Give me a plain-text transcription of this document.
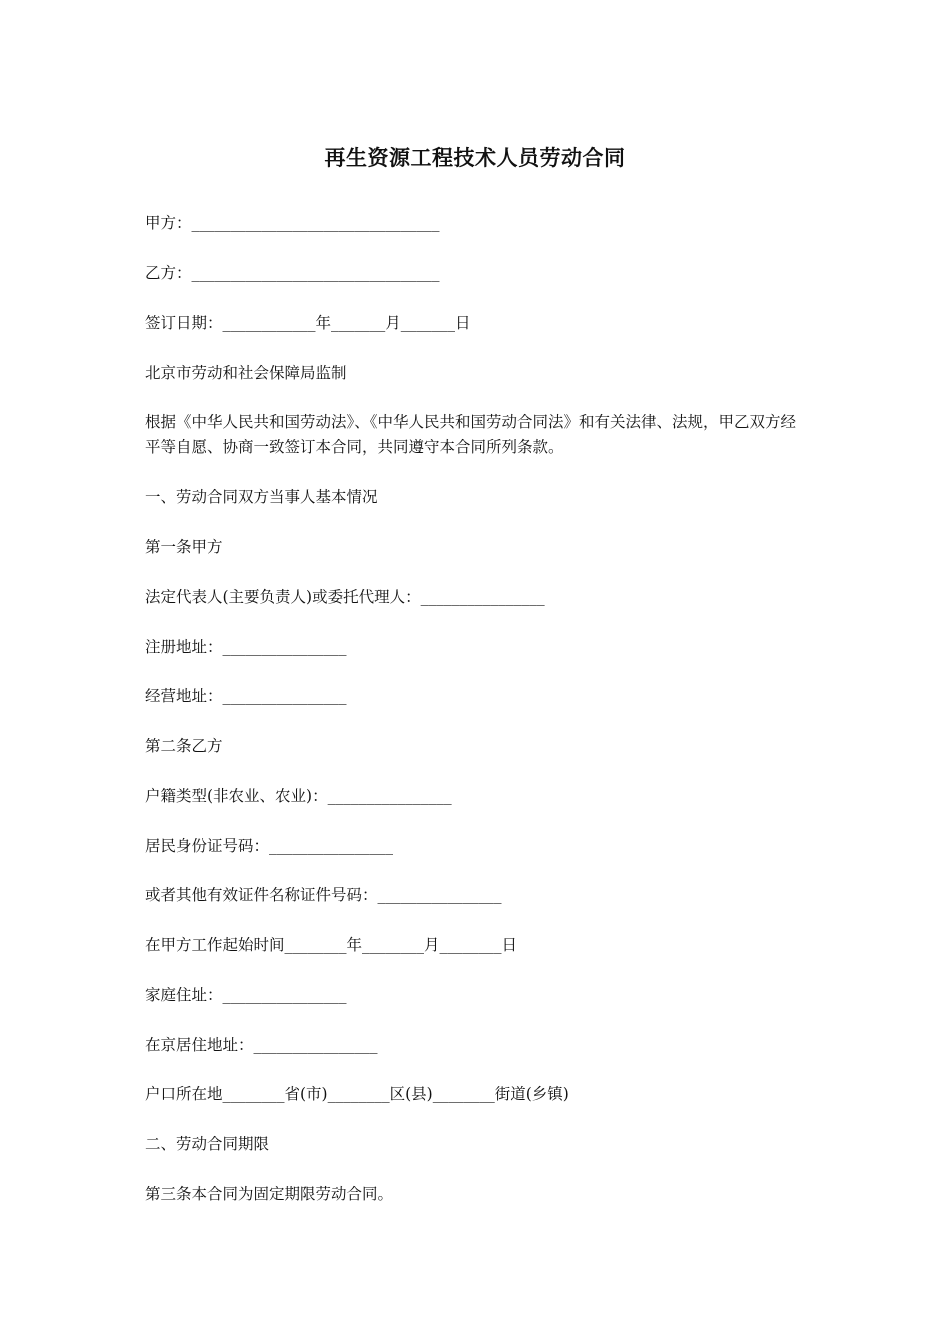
再生资源工程技术人员劳动合同
甲方：________________________________
乙方：________________________________
签订日期：____________年_______月_______日
北京市劳动和社会保障局监制
根据《中华人民共和国劳动法》、《中华人民共和国劳动合同法》和有关法律、法规，甲乙双方经平等自愿、协商一致签订本合同，共同遵守本合同所列条款。
一、劳动合同双方当事人基本情况
第一条甲方
法定代表人(主要负责人)或委托代理人：________________
注册地址：________________
经营地址：________________
第二条乙方
户籍类型(非农业、农业)：________________
居民身份证号码：________________
或者其他有效证件名称证件号码：________________
在甲方工作起始时间________年________月________日
家庭住址：________________
在京居住地址：________________
户口所在地________省(市)________区(县)________街道(乡镇)
二、劳动合同期限
第三条本合同为固定期限劳动合同。
